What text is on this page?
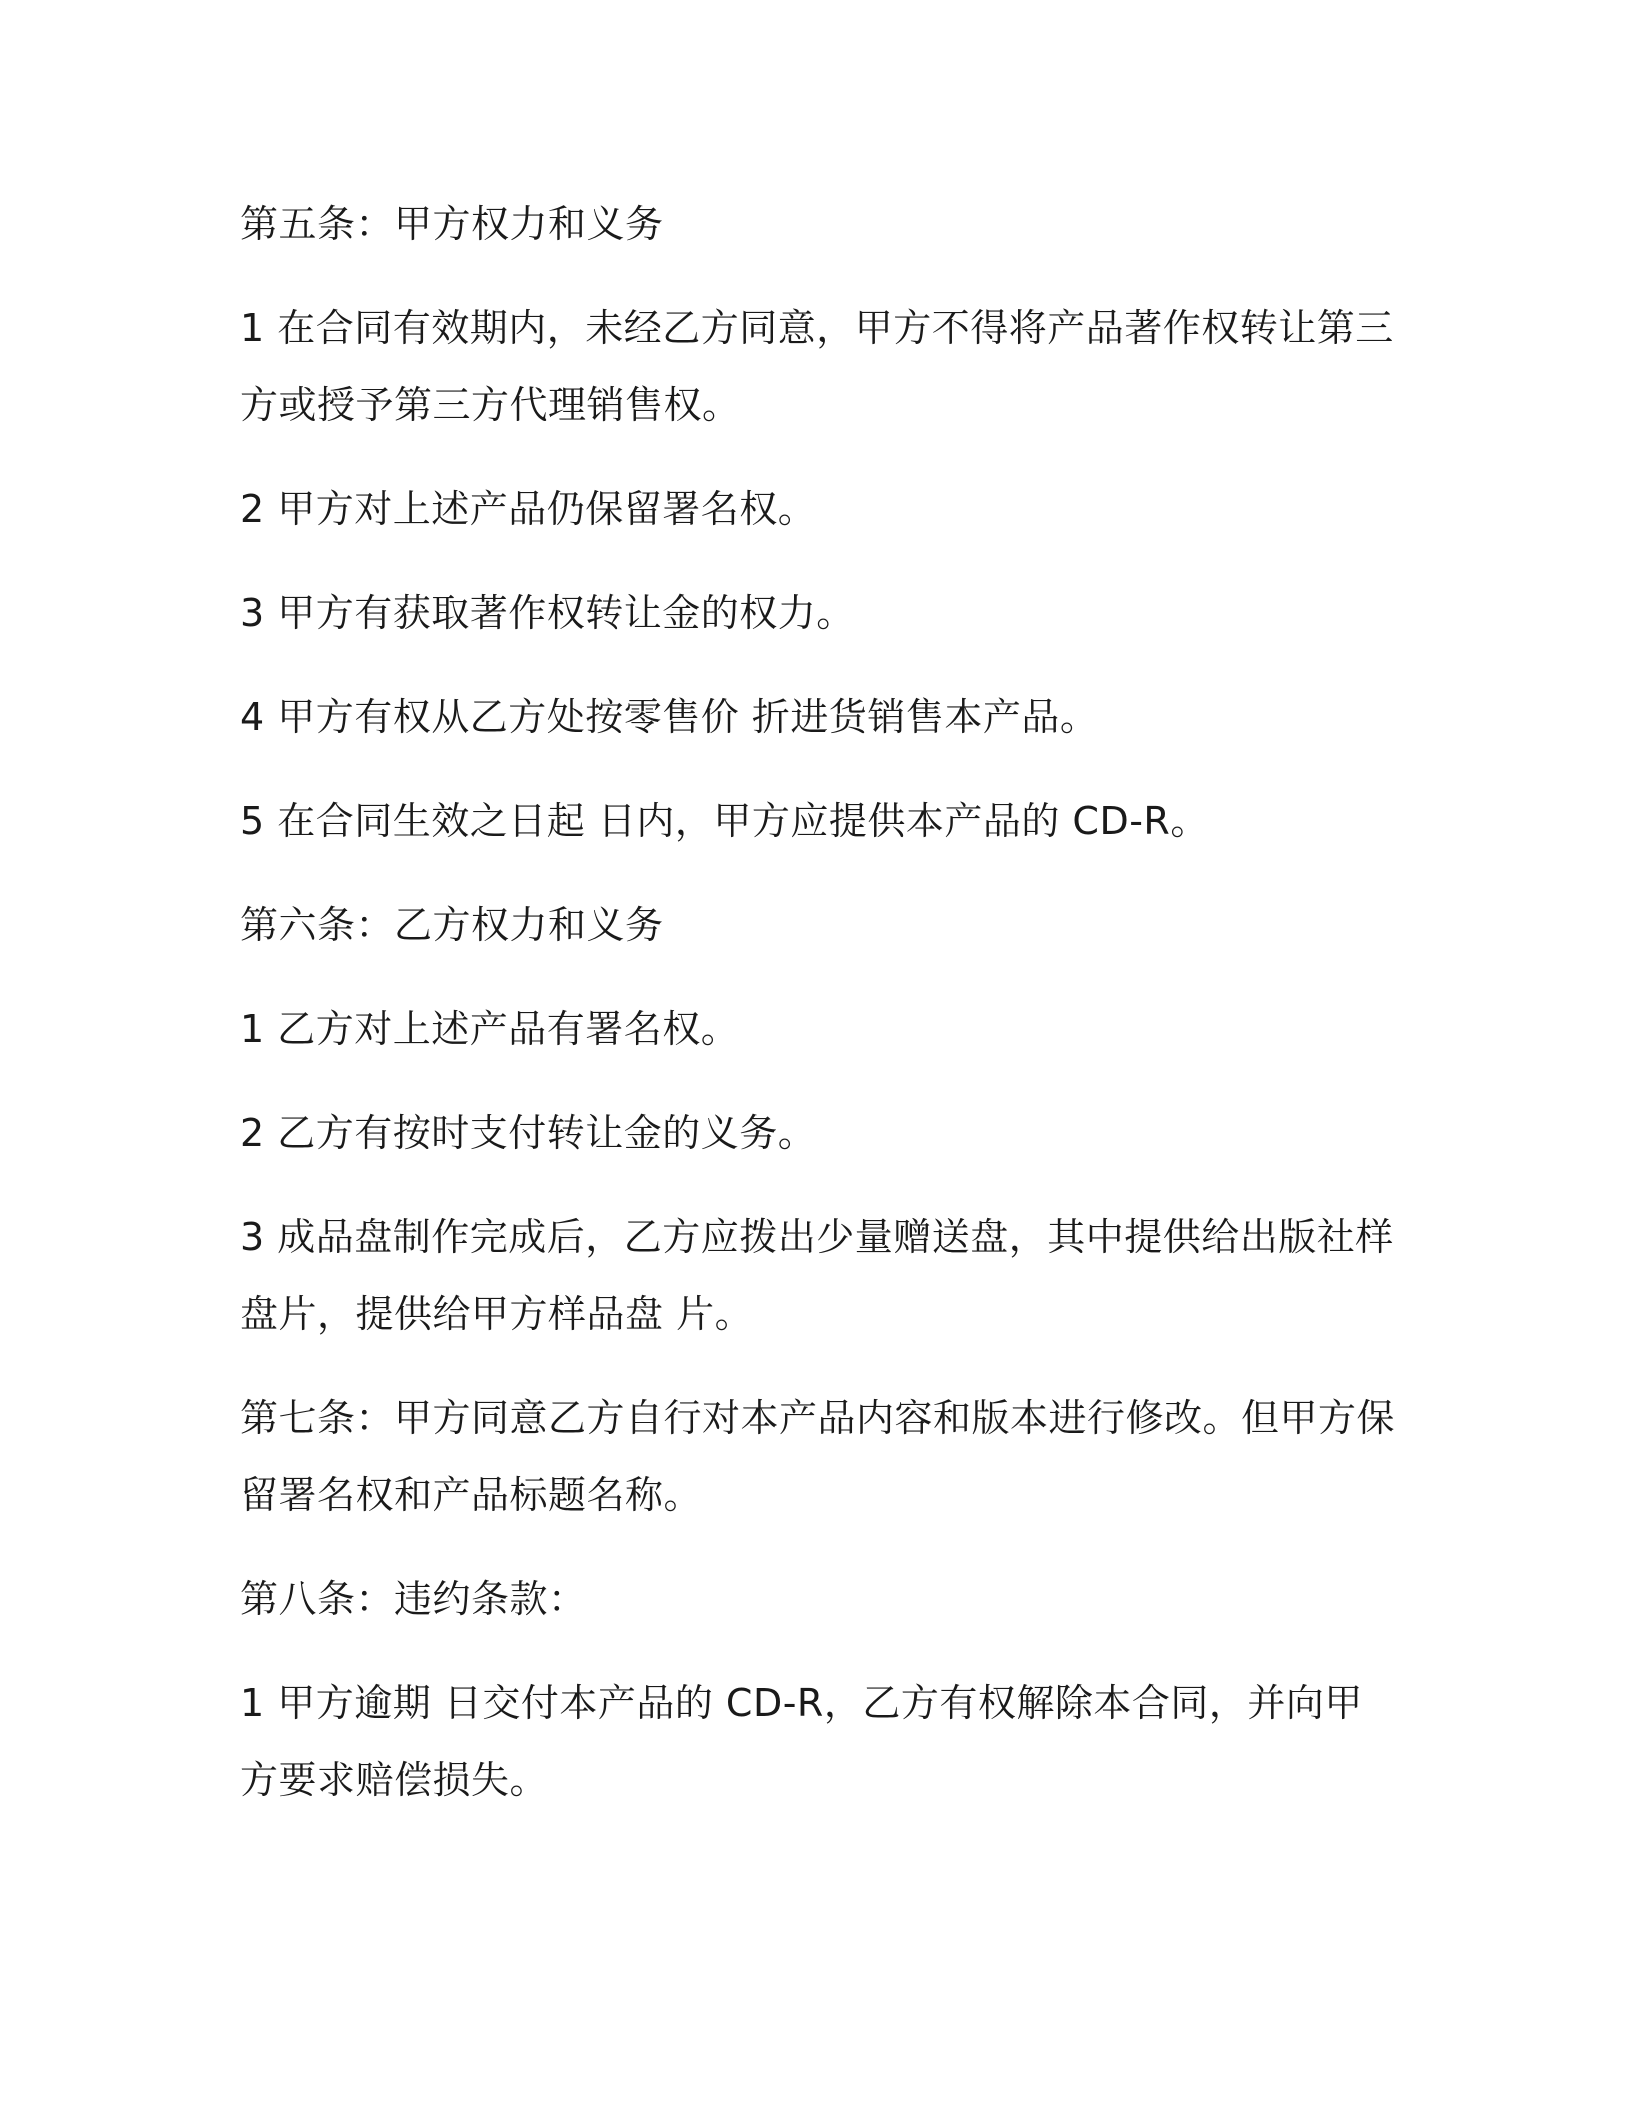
第五条：甲方权力和义务

1 在合同有效期内，未经乙方同意，甲方不得将产品著作权转让第三方或授予第三方代理销售权。

2 甲方对上述产品仍保留署名权。

3 甲方有获取著作权转让金的权力。

4 甲方有权从乙方处按零售价 折进货销售本产品。

5 在合同生效之日起 日内，甲方应提供本产品的 CD-R。

第六条：乙方权力和义务

1 乙方对上述产品有署名权。

2 乙方有按时支付转让金的义务。

3 成品盘制作完成后，乙方应拨出少量赠送盘，其中提供给出版社样盘片，提供给甲方样品盘 片。

第七条：甲方同意乙方自行对本产品内容和版本进行修改。但甲方保留署名权和产品标题名称。

第八条：违约条款：

1 甲方逾期 日交付本产品的 CD-R，乙方有权解除本合同，并向甲方要求赔偿损失。
